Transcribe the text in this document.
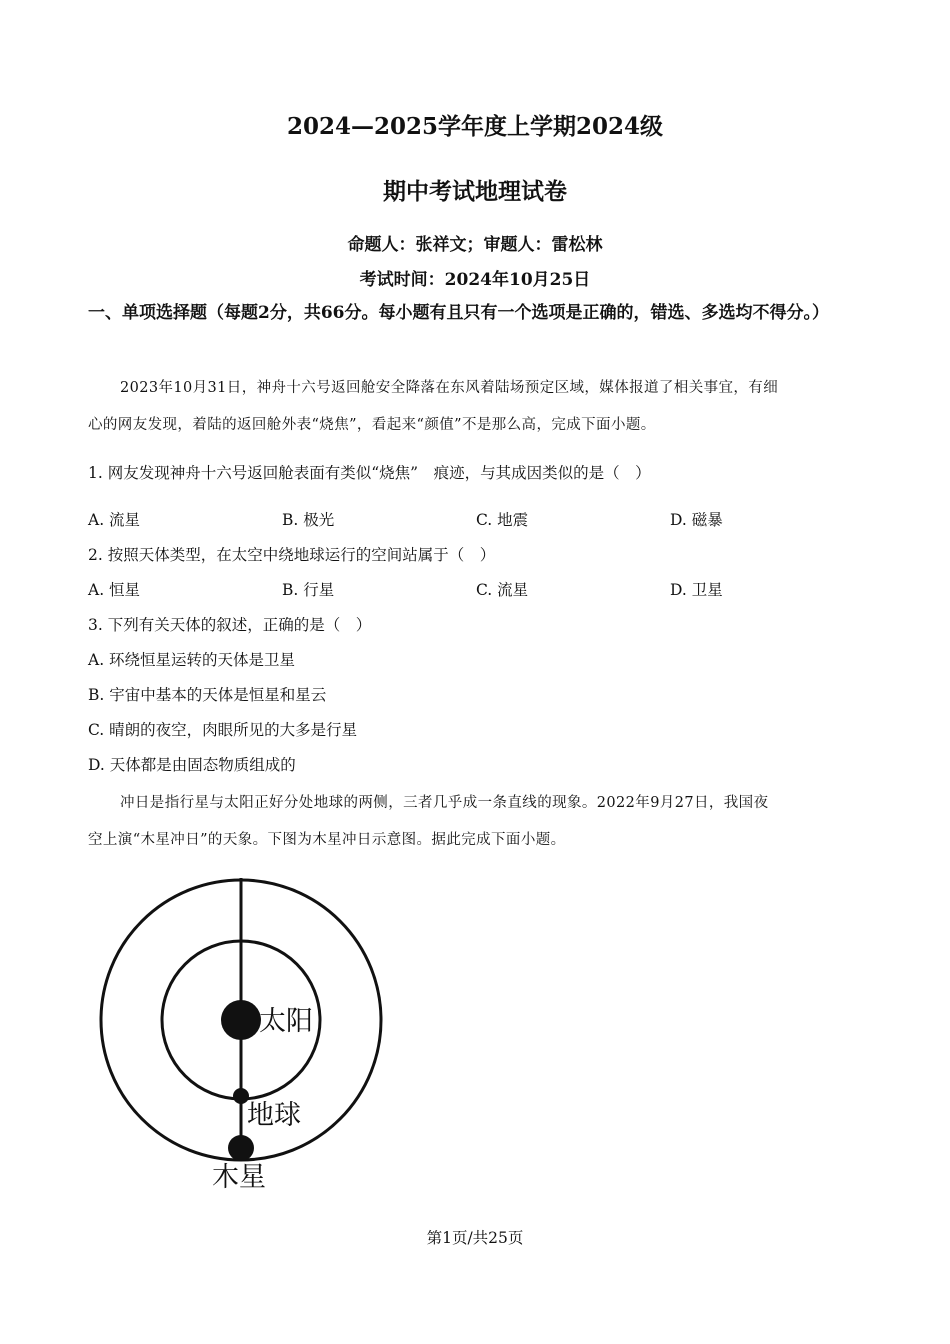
2024—2025学年度上学期2024级
期中考试地理试卷
命题人：张祥文；审题人：雷松林
考试时间：2024年10月25日
一、单项选择题（每题2分，共66分。每小题有且只有一个选项是正确的，错选、多选均不得分。）
2023年10月31日，神舟十六号返回舱安全降落在东风着陆场预定区域，媒体报道了相关事宜，有细
心的网友发现，着陆的返回舱外表“烧焦”，看起来“颜值”不是那么高，完成下面小题。
1. 网友发现神舟十六号返回舱表面有类似“烧焦”　痕迹，与其成因类似的是（　）
A. 流星	B. 极光	C. 地震	D. 磁暴
2. 按照天体类型，在太空中绕地球运行的空间站属于（　）
A. 恒星	B. 行星	C. 流星	D. 卫星
3. 下列有关天体的叙述，正确的是（　）
A. 环绕恒星运转的天体是卫星
B. 宇宙中基本的天体是恒星和星云
C. 晴朗的夜空，肉眼所见的大多是行星
D. 天体都是由固态物质组成的
冲日是指行星与太阳正好分处地球的两侧，三者几乎成一条直线的现象。2022年9月27日，我国夜
空上演“木星冲日”的天象。下图为木星冲日示意图。据此完成下面小题。
太阳
地球
木星
第1页/共25页
